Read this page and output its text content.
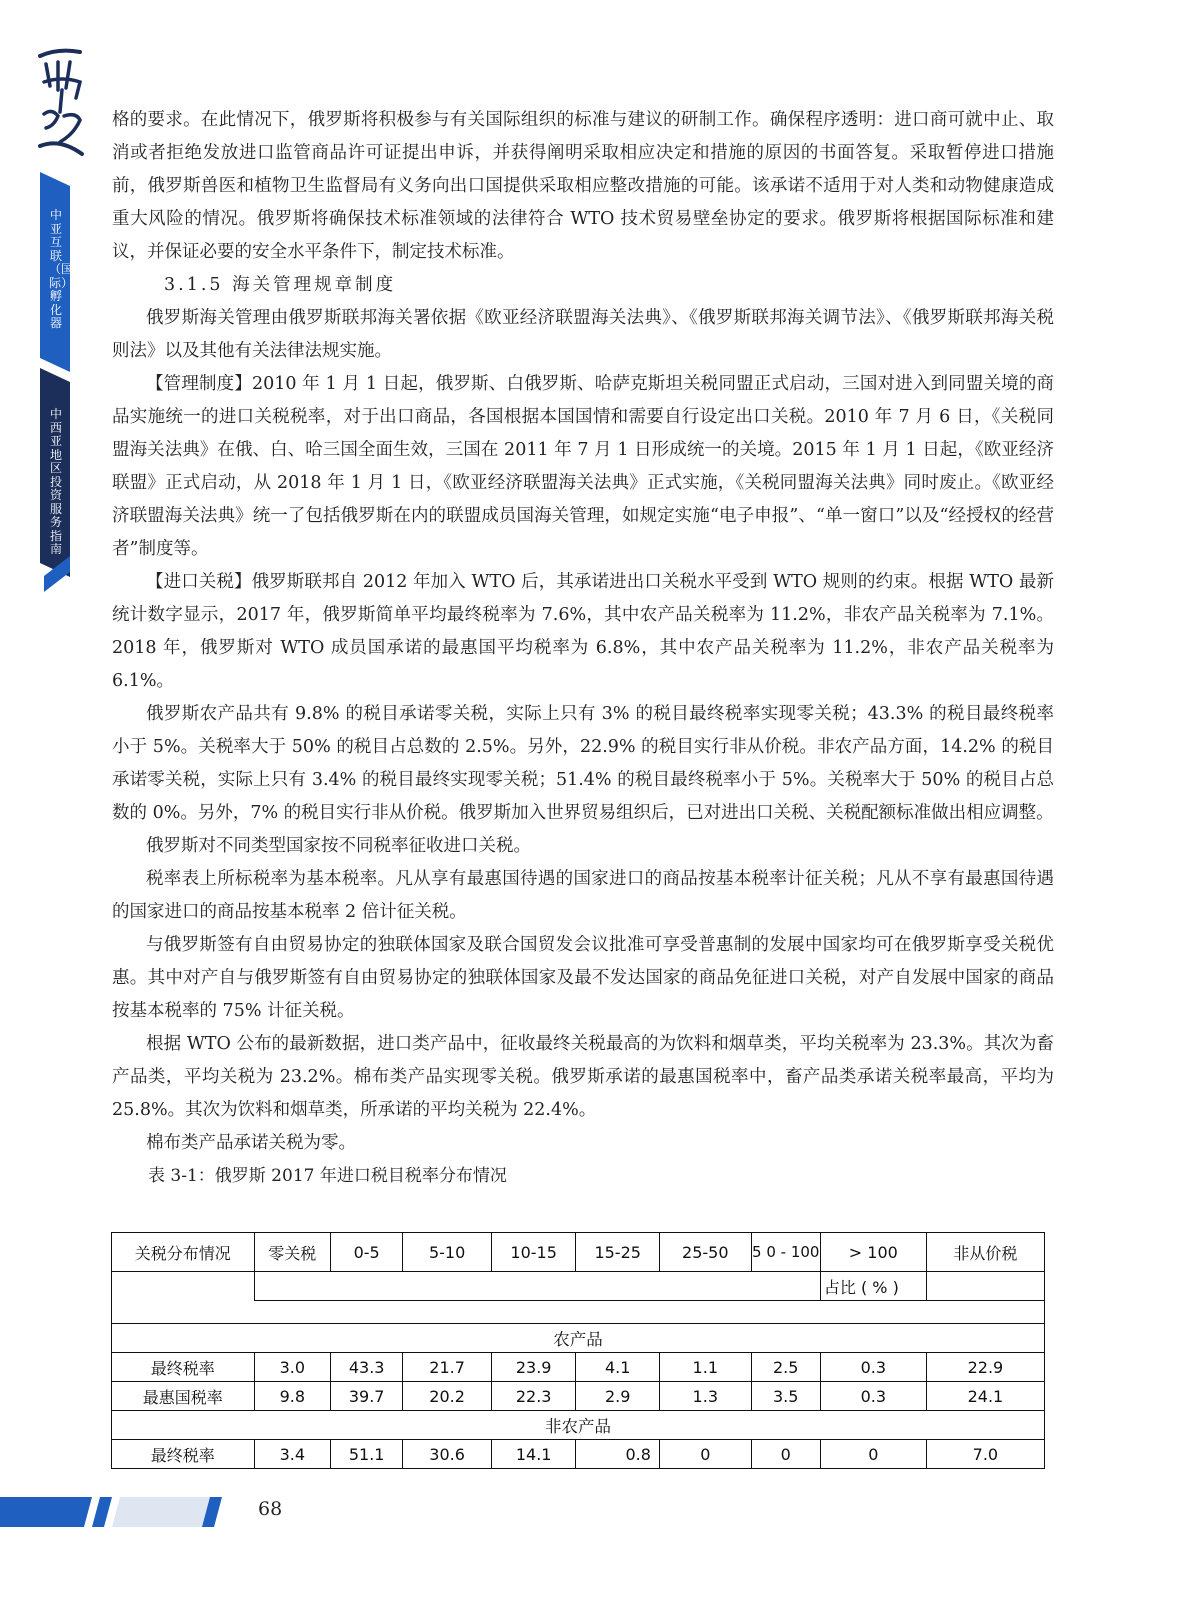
中亚互联（国际）孵化器
中西亚地区投资服务指南

格的要求。在此情况下，俄罗斯将积极参与有关国际组织的标准与建议的研制工作。确保程序透明：进口商可就中止、取消或者拒绝发放进口监管商品许可证提出申诉，并获得阐明采取相应决定和措施的原因的书面答复。采取暂停进口措施前，俄罗斯兽医和植物卫生监督局有义务向出口国提供采取相应整改措施的可能。该承诺不适用于对人类和动物健康造成重大风险的情况。俄罗斯将确保技术标准领域的法律符合 WTO 技术贸易壁垒协定的要求。俄罗斯将根据国际标准和建议，并保证必要的安全水平条件下，制定技术标准。

3.1.5 海关管理规章制度

俄罗斯海关管理由俄罗斯联邦海关署依据《欧亚经济联盟海关法典》、《俄罗斯联邦海关调节法》、《俄罗斯联邦海关税则法》以及其他有关法律法规实施。

【管理制度】2010 年 1 月 1 日起，俄罗斯、白俄罗斯、哈萨克斯坦关税同盟正式启动，三国对进入到同盟关境的商品实施统一的进口关税税率，对于出口商品，各国根据本国国情和需要自行设定出口关税。2010 年 7 月 6 日，《关税同盟海关法典》在俄、白、哈三国全面生效，三国在 2011 年 7 月 1 日形成统一的关境。2015 年 1 月 1 日起，《欧亚经济联盟》正式启动，从 2018 年 1 月 1 日，《欧亚经济联盟海关法典》正式实施，《关税同盟海关法典》同时废止。《欧亚经济联盟海关法典》统一了包括俄罗斯在内的联盟成员国海关管理，如规定实施“电子申报”、“单一窗口”以及“经授权的经营者”制度等。

【进口关税】俄罗斯联邦自 2012 年加入 WTO 后，其承诺进出口关税水平受到 WTO 规则的约束。根据 WTO 最新统计数字显示，2017 年，俄罗斯简单平均最终税率为 7.6%，其中农产品关税率为 11.2%，非农产品关税率为 7.1%。2018 年，俄罗斯对 WTO 成员国承诺的最惠国平均税率为 6.8%，其中农产品关税率为 11.2%，非农产品关税率为 6.1%。

俄罗斯农产品共有 9.8% 的税目承诺零关税，实际上只有 3% 的税目最终税率实现零关税；43.3% 的税目最终税率小于 5%。关税率大于 50% 的税目占总数的 2.5%。另外，22.9% 的税目实行非从价税。非农产品方面，14.2% 的税目承诺零关税，实际上只有 3.4% 的税目最终实现零关税；51.4% 的税目最终税率小于 5%。关税率大于 50% 的税目占总数的 0%。另外，7% 的税目实行非从价税。俄罗斯加入世界贸易组织后，已对进出口关税、关税配额标准做出相应调整。

俄罗斯对不同类型国家按不同税率征收进口关税。

税率表上所标税率为基本税率。凡从享有最惠国待遇的国家进口的商品按基本税率计征关税；凡从不享有最惠国待遇的国家进口的商品按基本税率 2 倍计征关税。

与俄罗斯签有自由贸易协定的独联体国家及联合国贸发会议批准可享受普惠制的发展中国家均可在俄罗斯享受关税优惠。其中对产自与俄罗斯签有自由贸易协定的独联体国家及最不发达国家的商品免征进口关税，对产自发展中国家的商品按基本税率的 75% 计征关税。

根据 WTO 公布的最新数据，进口类产品中，征收最终关税最高的为饮料和烟草类，平均关税率为 23.3%。其次为畜产品类，平均关税为 23.2%。棉布类产品实现零关税。俄罗斯承诺的最惠国税率中，畜产品类承诺关税率最高，平均为 25.8%。其次为饮料和烟草类，所承诺的平均关税为 22.4%。

棉布类产品承诺关税为零。

表 3-1：俄罗斯 2017 年进口税目税率分布情况

关税分布情况	零关税	0-5	5-10	10-15	15-25	25-50	5 0 - 100	> 100	非从价税
								占比 ( % )	

农产品									
最终税率	3.0	43.3	21.7	23.9	4.1	1.1	2.5	0.3	22.9
最惠国税率	9.8	39.7	20.2	22.3	2.9	1.3	3.5	0.3	24.1
非农产品									
最终税率	3.4	51.1	30.6	14.1	0.8	0	0	0	7.0
68
